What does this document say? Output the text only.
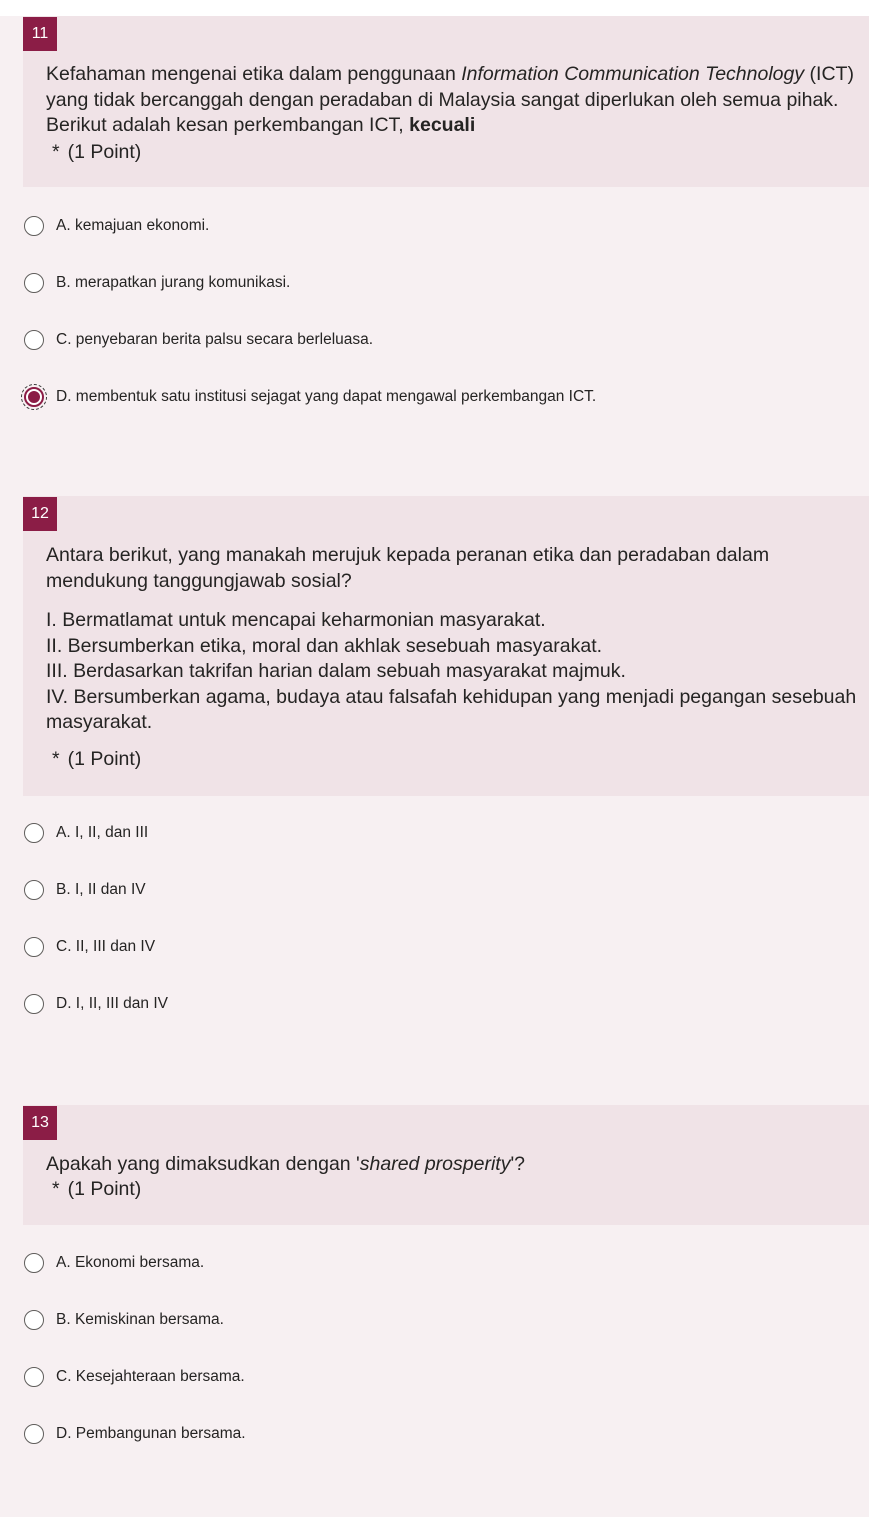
11

Kefahaman mengenai etika dalam penggunaan Information Communication Technology (ICT) yang tidak bercanggah dengan peradaban di Malaysia sangat diperlukan oleh semua pihak. Berikut adalah kesan perkembangan ICT, kecuali

* (1 Point)
A. kemajuan ekonomi.
B. merapatkan jurang komunikasi.
C. penyebaran berita palsu secara berleluasa.
D. membentuk satu institusi sejagat yang dapat mengawal perkembangan ICT.
12

Antara berikut, yang manakah merujuk kepada peranan etika dan peradaban dalam mendukung tanggungjawab sosial?

I. Bermatlamat untuk mencapai keharmonian masyarakat.

II. Bersumberkan etika, moral dan akhlak sesebuah masyarakat.

III. Berdasarkan takrifan harian dalam sebuah masyarakat majmuk.

IV. Bersumberkan agama, budaya atau falsafah kehidupan yang menjadi pegangan sesebuah masyarakat.

* (1 Point)
A. I, II, dan III
B. I, II dan IV
C. II, III dan IV
D. I, II, III dan IV
13

Apakah yang dimaksudkan dengan 'shared prosperity'?

* (1 Point)
A. Ekonomi bersama.
B. Kemiskinan bersama.
C. Kesejahteraan bersama.
D. Pembangunan bersama.
